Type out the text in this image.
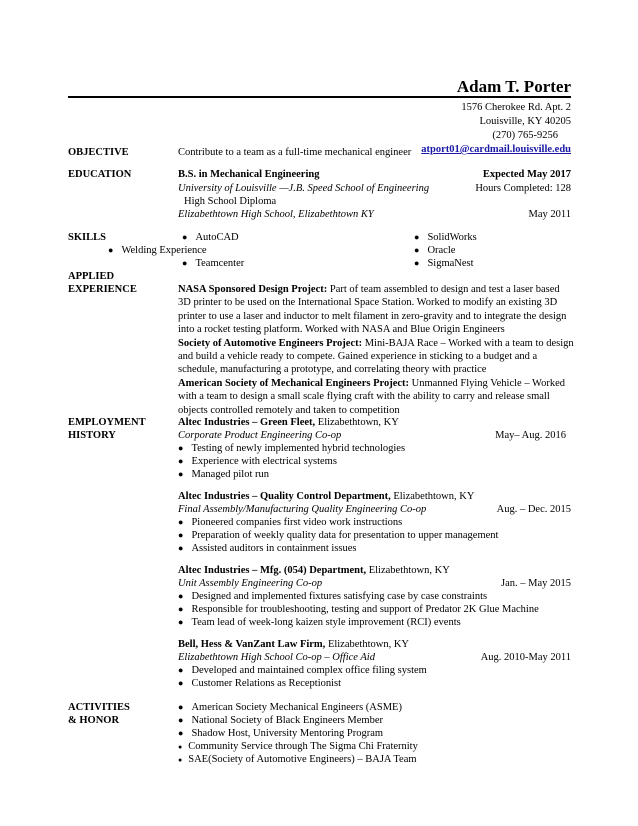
Adam T. Porter
1576 Cherokee Rd. Apt. 2
Louisville, KY 40205
(270) 765-9256
atport01@cardmail.louisville.edu
OBJECTIVE	Contribute to a team as a full-time mechanical engineer
EDUCATION	B.S. in Mechanical Engineering	Expected May 2017
University of Louisville —J.B. Speed School of Engineering	Hours Completed: 128
High School Diploma
Elizabethtown High School, Elizabethtown KY	May 2011
SKILLS	● AutoCAD	● SolidWorks
● Welding Experience	● Oracle
● Teamcenter	● SigmaNest
APPLIED
EXPERIENCE	NASA Sponsored Design Project: Part of team assembled to design and test a laser based 3D printer to be used on the International Space Station. Worked to modify an existing 3D printer to use a laser and inductor to melt filament in zero-gravity and to integrate the design into a rocket testing platform. Worked with NASA and Blue Origin Engineers
Society of Automotive Engineers Project: Mini-BAJA Race – Worked with a team to design and build a vehicle ready to compete. Gained experience in sticking to a budget and a schedule, manufacturing a prototype, and correlating theory with practice
American Society of Mechanical Engineers Project: Unmanned Flying Vehicle – Worked with a team to design a small scale flying craft with the ability to carry and release small objects controlled remotely and taken to competition
EMPLOYMENT
HISTORY
Altec Industries – Green Fleet, Elizabethtown, KY
Corporate Product Engineering Co-op	May– Aug. 2016
● Testing of newly implemented hybrid technologies
● Experience with electrical systems
● Managed pilot run
Altec Industries – Quality Control Department, Elizabethtown, KY
Final Assembly/Manufacturing Quality Engineering Co-op	Aug. – Dec. 2015
● Pioneered companies first video work instructions
● Preparation of weekly quality data for presentation to upper management
● Assisted auditors in containment issues
Altec Industries – Mfg. (054) Department, Elizabethtown, KY
Unit Assembly Engineering Co-op	Jan. – May 2015
● Designed and implemented fixtures satisfying case by case constraints
● Responsible for troubleshooting, testing and support of Predator 2K Glue Machine
● Team lead of week-long kaizen style improvement (RCI) events
Bell, Hess & VanZant Law Firm, Elizabethtown, KY
Elizabethtown High School Co-op – Office Aid	Aug. 2010-May 2011
● Developed and maintained complex office filing system
● Customer Relations as Receptionist
ACTIVITIES
& HONOR
● American Society Mechanical Engineers (ASME)
● National Society of Black Engineers Member
● Shadow Host, University Mentoring Program
● Community Service through The Sigma Chi Fraternity
● SAE(Society of Automotive Engineers) – BAJA Team
